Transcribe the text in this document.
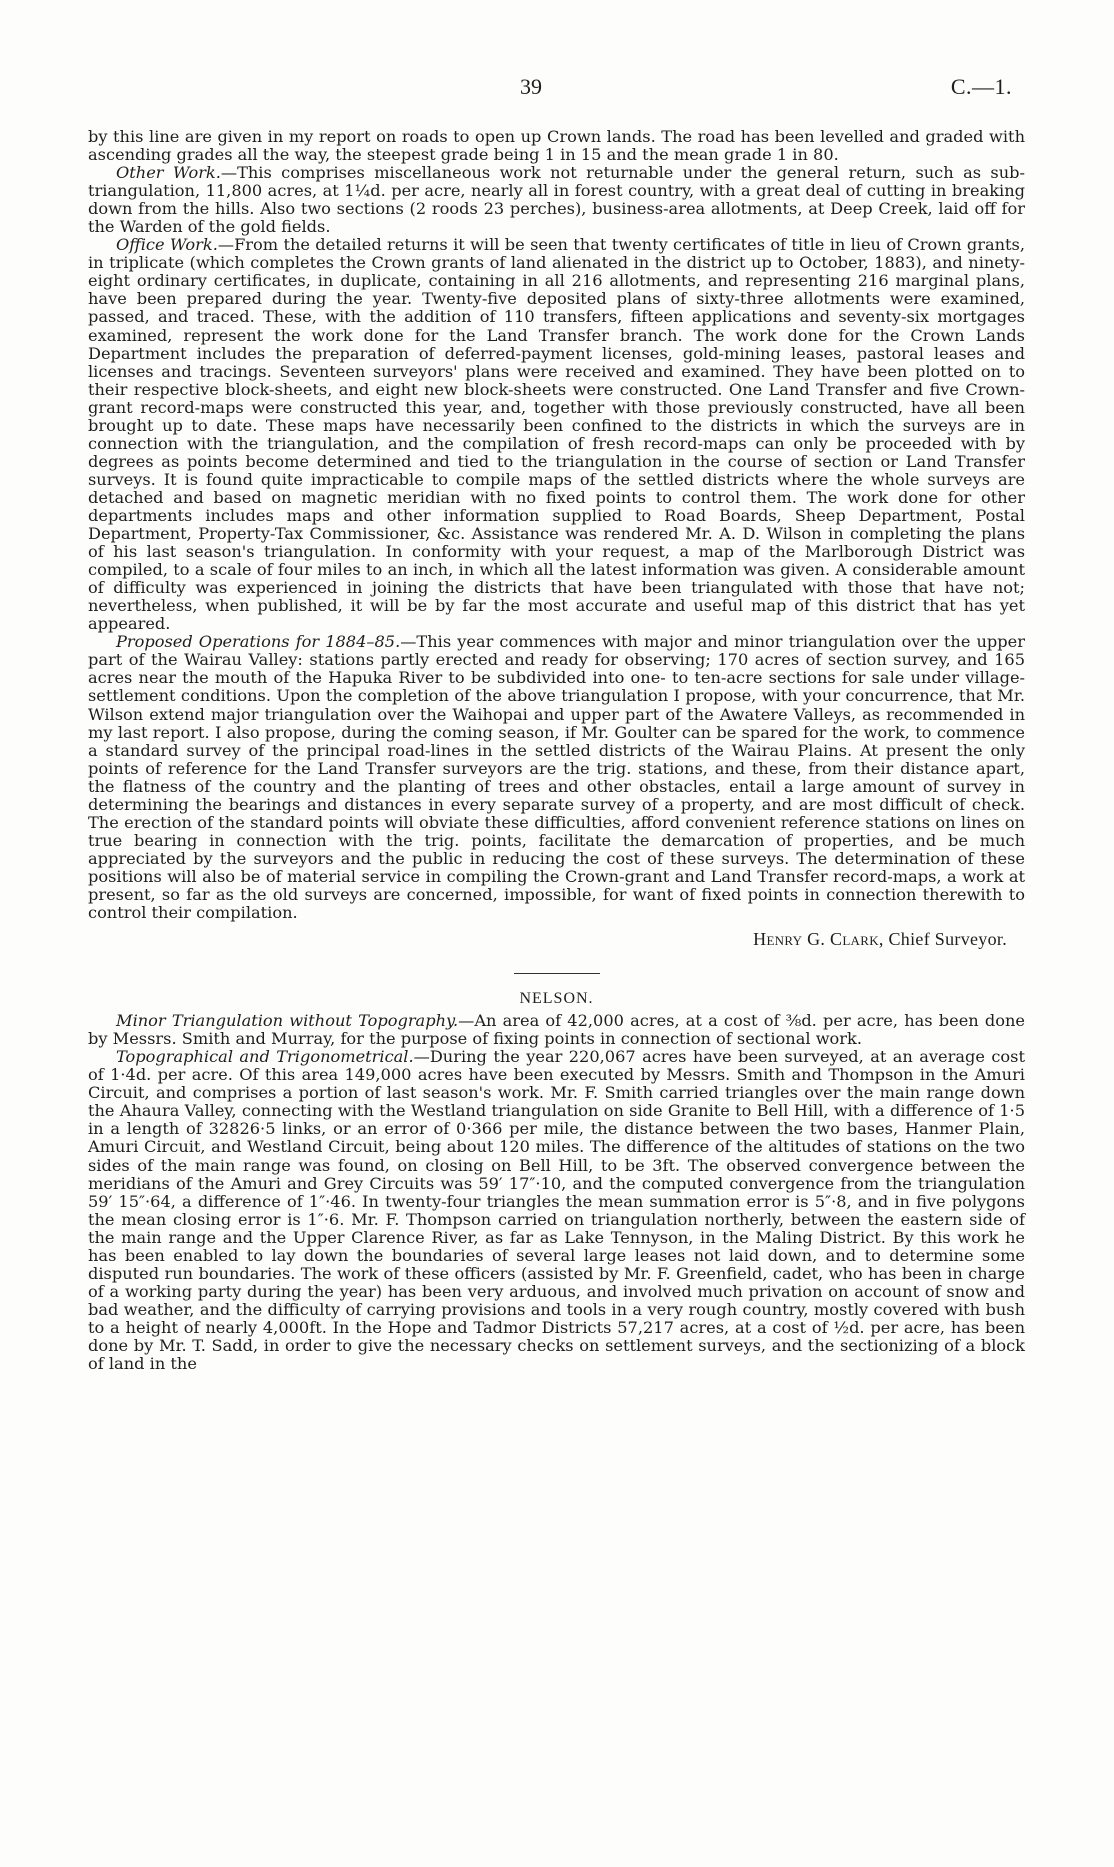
39	C.—1.

by this line are given in my report on roads to open up Crown lands. The road has been levelled and graded with ascending grades all the way, the steepest grade being 1 in 15 and the mean grade 1 in 80.

Other Work.—This comprises miscellaneous work not returnable under the general return, such as sub-triangulation, 11,800 acres, at 1¼d. per acre, nearly all in forest country, with a great deal of cutting in breaking down from the hills. Also two sections (2 roods 23 perches), business-area allotments, at Deep Creek, laid off for the Warden of the gold fields.

Office Work.—From the detailed returns it will be seen that twenty certificates of title in lieu of Crown grants, in triplicate (which completes the Crown grants of land alienated in the district up to October, 1883), and ninety-eight ordinary certificates, in duplicate, containing in all 216 allotments, and representing 216 marginal plans, have been prepared during the year. Twenty-five deposited plans of sixty-three allotments were examined, passed, and traced. These, with the addition of 110 transfers, fifteen applications and seventy-six mortgages examined, represent the work done for the Land Transfer branch. The work done for the Crown Lands Department includes the preparation of deferred-payment licenses, gold-mining leases, pastoral leases and licenses and tracings. Seventeen surveyors' plans were received and examined. They have been plotted on to their respective block-sheets, and eight new block-sheets were constructed. One Land Transfer and five Crown-grant record-maps were constructed this year, and, together with those previously constructed, have all been brought up to date. These maps have necessarily been confined to the districts in which the surveys are in connection with the triangulation, and the compilation of fresh record-maps can only be proceeded with by degrees as points become determined and tied to the triangulation in the course of section or Land Transfer surveys. It is found quite impracticable to compile maps of the settled districts where the whole surveys are detached and based on magnetic meridian with no fixed points to control them. The work done for other departments includes maps and other information supplied to Road Boards, Sheep Department, Postal Department, Property-Tax Commissioner, &c. Assistance was rendered Mr. A. D. Wilson in completing the plans of his last season's triangulation. In conformity with your request, a map of the Marlborough District was compiled, to a scale of four miles to an inch, in which all the latest information was given. A considerable amount of difficulty was experienced in joining the districts that have been triangulated with those that have not; nevertheless, when published, it will be by far the most accurate and useful map of this district that has yet appeared.

Proposed Operations for 1884–85.—This year commences with major and minor triangulation over the upper part of the Wairau Valley: stations partly erected and ready for observing; 170 acres of section survey, and 165 acres near the mouth of the Hapuka River to be subdivided into one- to ten-acre sections for sale under village-settlement conditions. Upon the completion of the above triangulation I propose, with your concurrence, that Mr. Wilson extend major triangulation over the Waihopai and upper part of the Awatere Valleys, as recommended in my last report. I also propose, during the coming season, if Mr. Goulter can be spared for the work, to commence a standard survey of the principal road-lines in the settled districts of the Wairau Plains. At present the only points of reference for the Land Transfer surveyors are the trig. stations, and these, from their distance apart, the flatness of the country and the planting of trees and other obstacles, entail a large amount of survey in determining the bearings and distances in every separate survey of a property, and are most difficult of check. The erection of the standard points will obviate these difficulties, afford convenient reference stations on lines on true bearing in connection with the trig. points, facilitate the demarcation of properties, and be much appreciated by the surveyors and the public in reducing the cost of these surveys. The determination of these positions will also be of material service in compiling the Crown-grant and Land Transfer record-maps, a work at present, so far as the old surveys are concerned, impossible, for want of fixed points in connection therewith to control their compilation.

Henry G. Clark, Chief Surveyor.
NELSON.

Minor Triangulation without Topography.—An area of 42,000 acres, at a cost of ⅜d. per acre, has been done by Messrs. Smith and Murray, for the purpose of fixing points in connection of sectional work.

Topographical and Trigonometrical.—During the year 220,067 acres have been surveyed, at an average cost of 1·4d. per acre. Of this area 149,000 acres have been executed by Messrs. Smith and Thompson in the Amuri Circuit, and comprises a portion of last season's work. Mr. F. Smith carried triangles over the main range down the Ahaura Valley, connecting with the Westland triangulation on side Granite to Bell Hill, with a difference of 1·5 in a length of 32826·5 links, or an error of 0·366 per mile, the distance between the two bases, Hanmer Plain, Amuri Circuit, and Westland Circuit, being about 120 miles. The difference of the altitudes of stations on the two sides of the main range was found, on closing on Bell Hill, to be 3ft. The observed convergence between the meridians of the Amuri and Grey Circuits was 59′ 17″·10, and the computed convergence from the triangulation 59′ 15″·64, a difference of 1″·46. In twenty-four triangles the mean summation error is 5″·8, and in five polygons the mean closing error is 1″·6. Mr. F. Thompson carried on triangulation northerly, between the eastern side of the main range and the Upper Clarence River, as far as Lake Tennyson, in the Maling District. By this work he has been enabled to lay down the boundaries of several large leases not laid down, and to determine some disputed run boundaries. The work of these officers (assisted by Mr. F. Greenfield, cadet, who has been in charge of a working party during the year) has been very arduous, and involved much privation on account of snow and bad weather, and the difficulty of carrying provisions and tools in a very rough country, mostly covered with bush to a height of nearly 4,000ft. In the Hope and Tadmor Districts 57,217 acres, at a cost of ½d. per acre, has been done by Mr. T. Sadd, in order to give the necessary checks on settlement surveys, and the sectionizing of a block of land in the
